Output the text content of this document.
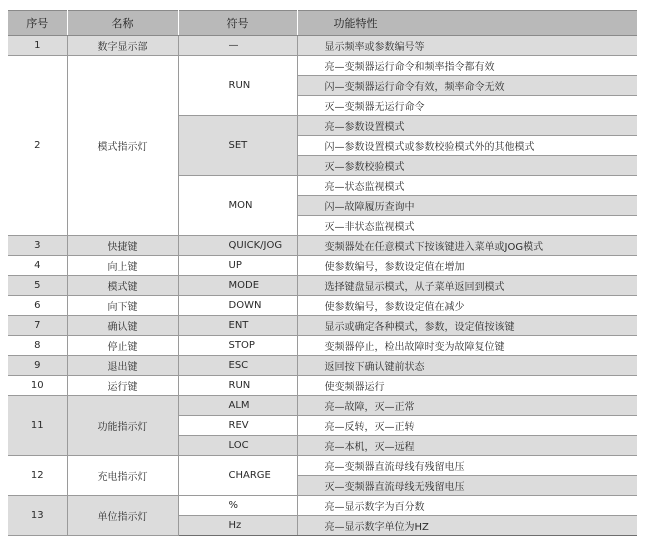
序号	名称	符号	功能特性
1	数字显示部	—	显示频率或参数编号等
2	模式指示灯	RUN	亮—变频器运行命令和频率指令都有效
			闪—变频器运行命令有效，频率命令无效
			灭—变频器无运行命令
		SET	亮—参数设置模式
			闪—参数设置模式或参数校验模式外的其他模式
			灭—参数校验模式
		MON	亮—状态监视模式
			闪—故障履历查询中
			灭—非状态监视模式
3	快捷键	QUICK/JOG	变频器处在任意模式下按该键进入菜单或JOG模式
4	向上键	UP	使参数编号，参数设定值在增加
5	模式键	MODE	选择键盘显示模式，从子菜单返回到模式
6	向下键	DOWN	使参数编号，参数设定值在减少
7	确认键	ENT	显示或确定各种模式，参数，设定值按该键
8	停止键	STOP	变频器停止，检出故障时变为故障复位键
9	退出键	ESC	返回按下确认键前状态
10	运行键	RUN	使变频器运行
11	功能指示灯	ALM	亮—故障，灭—正常
		REV	亮—反转，灭—正转
		LOC	亮—本机，灭—远程
12	充电指示灯	CHARGE	亮—变频器直流母线有残留电压
			灭—变频器直流母线无残留电压
13	单位指示灯	%	亮—显示数字为百分数
		Hz	亮—显示数字单位为HZ
